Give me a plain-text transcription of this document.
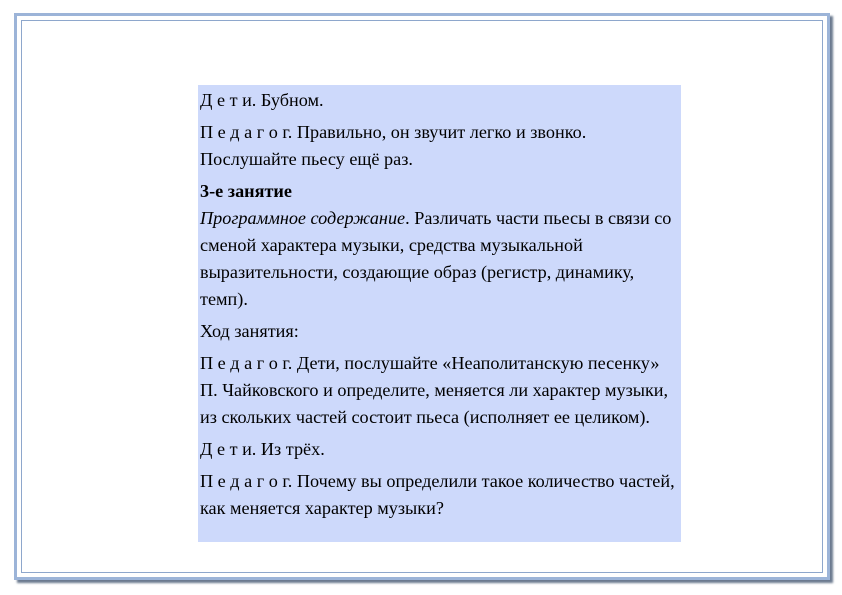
Д е т и. Бубном.

П е д а г о г. Правильно, он звучит легко и звонко. Послушайте пьесу ещё раз.

3-е занятие
Программное содержание. Различать части пьесы в связи со сменой характера музыки, средства музыкальной выразительности, создающие образ (регистр, динамику, темп).

Ход занятия:

П е д а г о г. Дети, послушайте «Неаполитанскую песенку» П. Чайковского и определите, меняется ли характер музыки, из скольких частей состоит пьеса (исполняет ее целиком).

Д е т и. Из трёх.

П е д а г о г. Почему вы определили такое количество частей, как меняется характер музыки?
